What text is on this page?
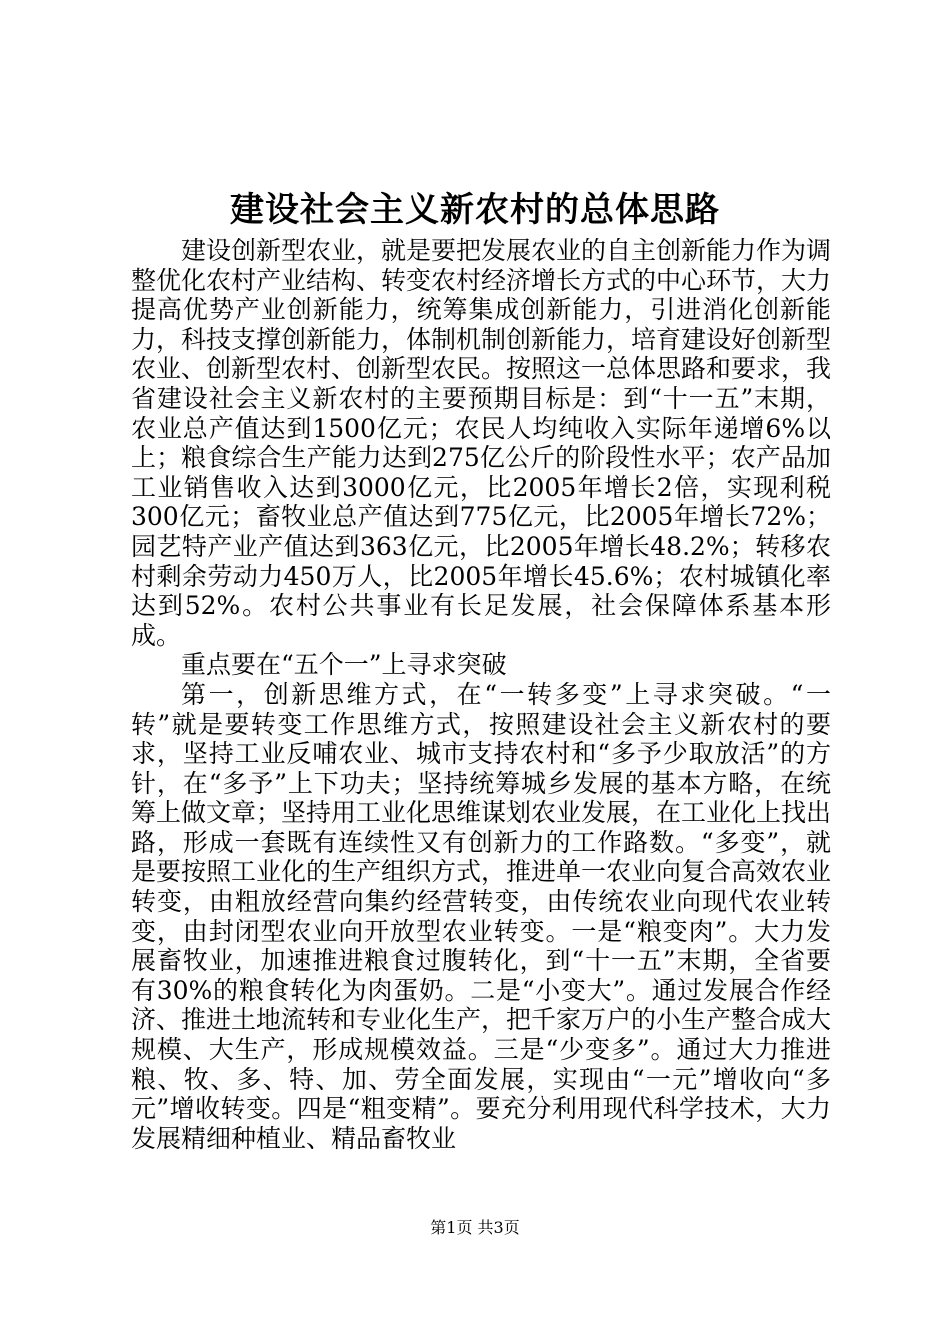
建设社会主义新农村的总体思路

建设创新型农业，就是要把发展农业的自主创新能力作为调整优化农村产业结构、转变农村经济增长方式的中心环节，大力提高优势产业创新能力，统筹集成创新能力，引进消化创新能力，科技支撑创新能力，体制机制创新能力，培育建设好创新型农业、创新型农村、创新型农民。按照这一总体思路和要求，我省建设社会主义新农村的主要预期目标是：到“十一五”末期，农业总产值达到1500亿元；农民人均纯收入实际年递增6%以上；粮食综合生产能力达到275亿公斤的阶段性水平；农产品加工业销售收入达到3000亿元，比2005年增长2倍，实现利税300亿元；畜牧业总产值达到775亿元，比2005年增长72%；园艺特产业产值达到363亿元，比2005年增长48.2%；转移农村剩余劳动力450万人，比2005年增长45.6%；农村城镇化率达到52%。农村公共事业有长足发展，社会保障体系基本形成。

重点要在“五个一”上寻求突破

第一，创新思维方式，在“一转多变”上寻求突破。“一转”就是要转变工作思维方式，按照建设社会主义新农村的要求，坚持工业反哺农业、城市支持农村和“多予少取放活”的方针，在“多予”上下功夫；坚持统筹城乡发展的基本方略，在统筹上做文章；坚持用工业化思维谋划农业发展，在工业化上找出路，形成一套既有连续性又有创新力的工作路数。“多变”，就是要按照工业化的生产组织方式，推进单一农业向复合高效农业转变，由粗放经营向集约经营转变，由传统农业向现代农业转变，由封闭型农业向开放型农业转变。一是“粮变肉”。大力发展畜牧业，加速推进粮食过腹转化，到“十一五”末期，全省要有30%的粮食转化为肉蛋奶。二是“小变大”。通过发展合作经济、推进土地流转和专业化生产，把千家万户的小生产整合成大规模、大生产，形成规模效益。三是“少变多”。通过大力推进粮、牧、多、特、加、劳全面发展，实现由“一元”增收向“多元”增收转变。四是“粗变精”。要充分利用现代科学技术，大力发展精细种植业、精品畜牧业

第1页 共3页
